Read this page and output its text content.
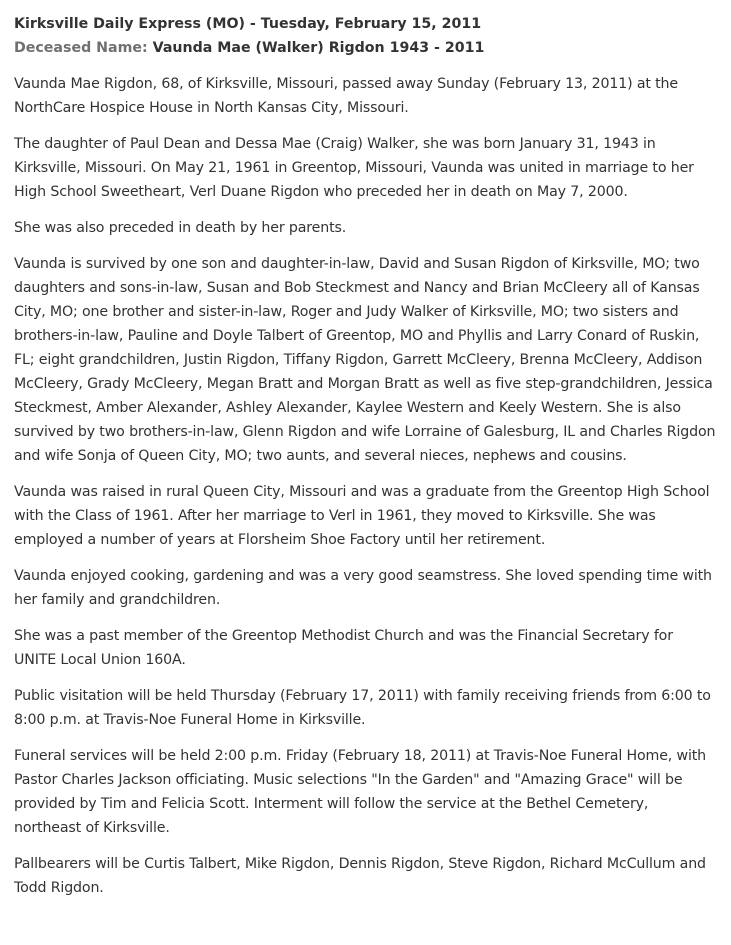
Kirksville Daily Express (MO) - Tuesday, February 15, 2011
Deceased Name: Vaunda Mae (Walker) Rigdon 1943 - 2011

Vaunda Mae Rigdon, 68, of Kirksville, Missouri, passed away Sunday (February 13, 2011) at the NorthCare Hospice House in North Kansas City, Missouri.

The daughter of Paul Dean and Dessa Mae (Craig) Walker, she was born January 31, 1943 in Kirksville, Missouri. On May 21, 1961 in Greentop, Missouri, Vaunda was united in marriage to her High School Sweetheart, Verl Duane Rigdon who preceded her in death on May 7, 2000.

She was also preceded in death by her parents.

Vaunda is survived by one son and daughter-in-law, David and Susan Rigdon of Kirksville, MO; two daughters and sons-in-law, Susan and Bob Steckmest and Nancy and Brian McCleery all of Kansas City, MO; one brother and sister-in-law, Roger and Judy Walker of Kirksville, MO; two sisters and brothers-in-law, Pauline and Doyle Talbert of Greentop, MO and Phyllis and Larry Conard of Ruskin, FL; eight grandchildren, Justin Rigdon, Tiffany Rigdon, Garrett McCleery, Brenna McCleery, Addison McCleery, Grady McCleery, Megan Bratt and Morgan Bratt as well as five step-grandchildren, Jessica Steckmest, Amber Alexander, Ashley Alexander, Kaylee Western and Keely Western. She is also survived by two brothers-in-law, Glenn Rigdon and wife Lorraine of Galesburg, IL and Charles Rigdon and wife Sonja of Queen City, MO; two aunts, and several nieces, nephews and cousins.

Vaunda was raised in rural Queen City, Missouri and was a graduate from the Greentop High School with the Class of 1961. After her marriage to Verl in 1961, they moved to Kirksville. She was employed a number of years at Florsheim Shoe Factory until her retirement.

Vaunda enjoyed cooking, gardening and was a very good seamstress. She loved spending time with her family and grandchildren.

She was a past member of the Greentop Methodist Church and was the Financial Secretary for UNITE Local Union 160A.

Public visitation will be held Thursday (February 17, 2011) with family receiving friends from 6:00 to 8:00 p.m. at Travis-Noe Funeral Home in Kirksville.

Funeral services will be held 2:00 p.m. Friday (February 18, 2011) at Travis-Noe Funeral Home, with Pastor Charles Jackson officiating. Music selections "In the Garden" and "Amazing Grace" will be provided by Tim and Felicia Scott. Interment will follow the service at the Bethel Cemetery, northeast of Kirksville.

Pallbearers will be Curtis Talbert, Mike Rigdon, Dennis Rigdon, Steve Rigdon, Richard McCullum and Todd Rigdon.
